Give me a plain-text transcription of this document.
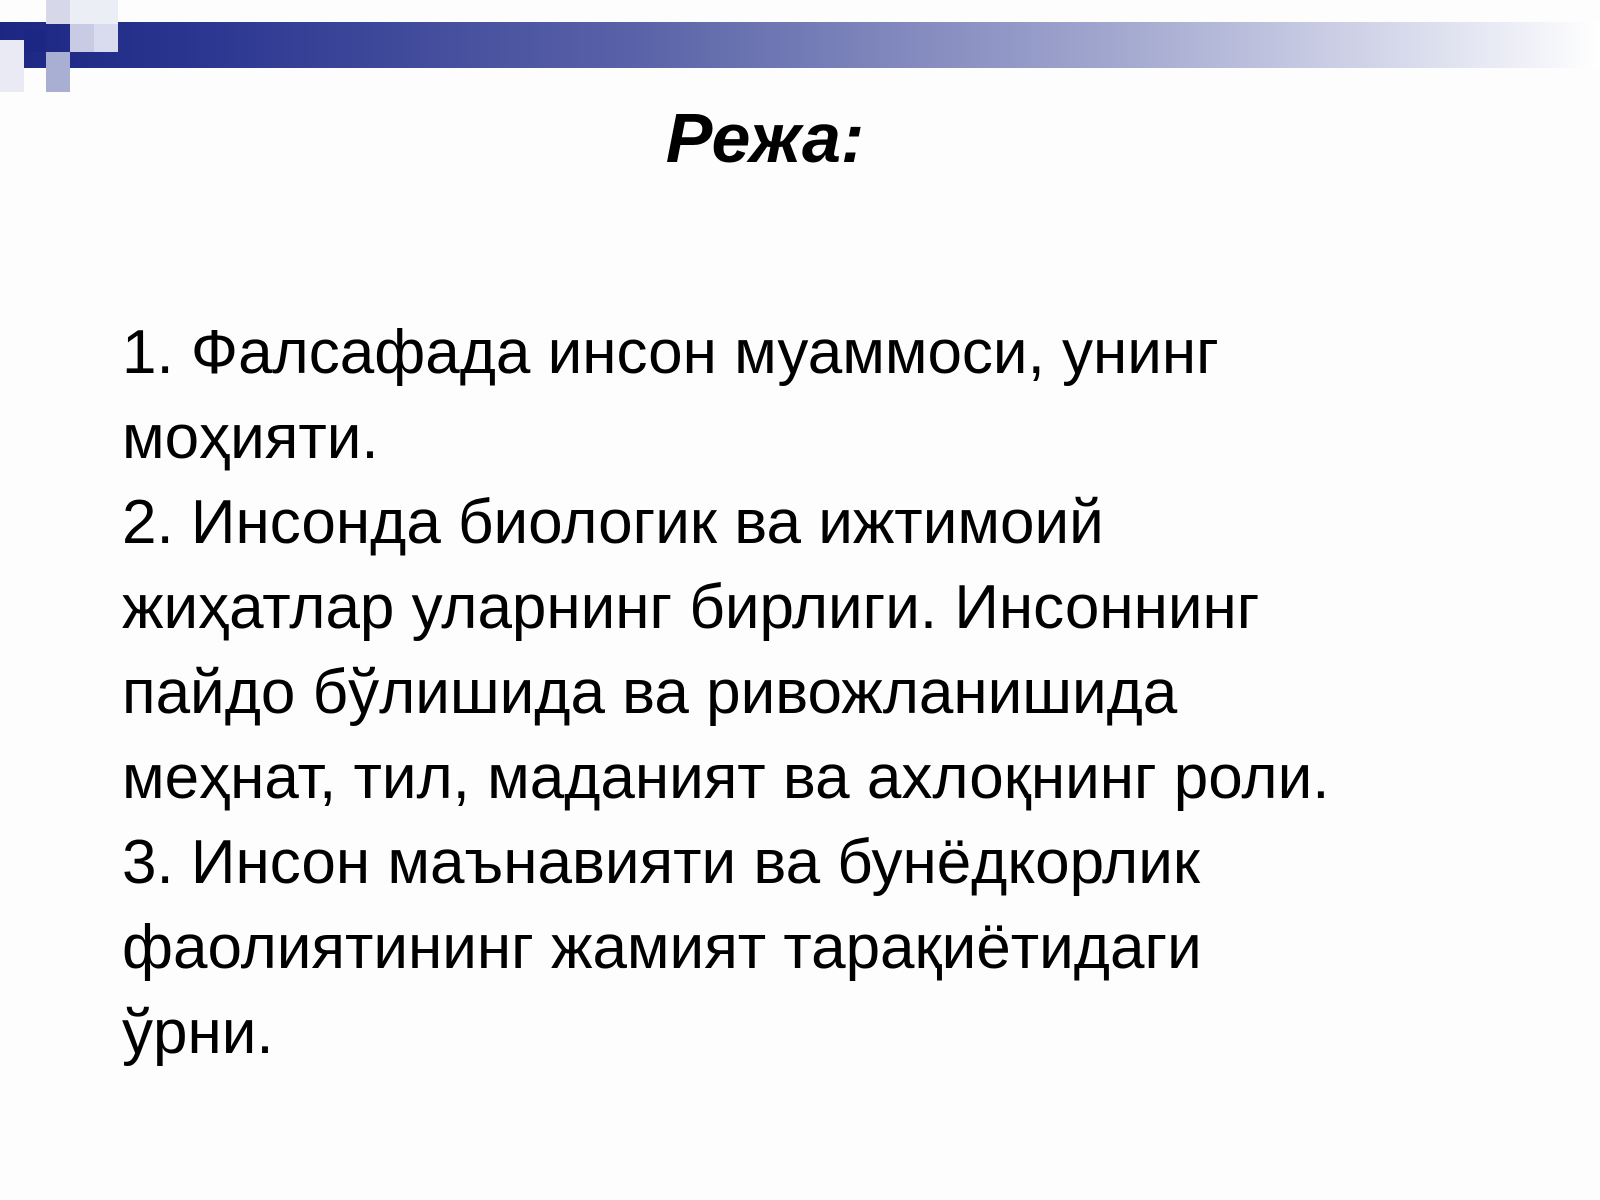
Режа:
1. Фалсафада инсон муаммоси, унинг
моҳияти.
2. Инсонда биологик ва ижтимоий
жиҳатлар уларнинг бирлиги. Инсоннинг
пайдо бўлишида ва ривожланишида
меҳнат, тил, маданият ва ахлоқнинг роли.
3. Инсон маънавияти ва бунёдкорлик
фаолиятининг жамият тарақиётидаги
ўрни.
